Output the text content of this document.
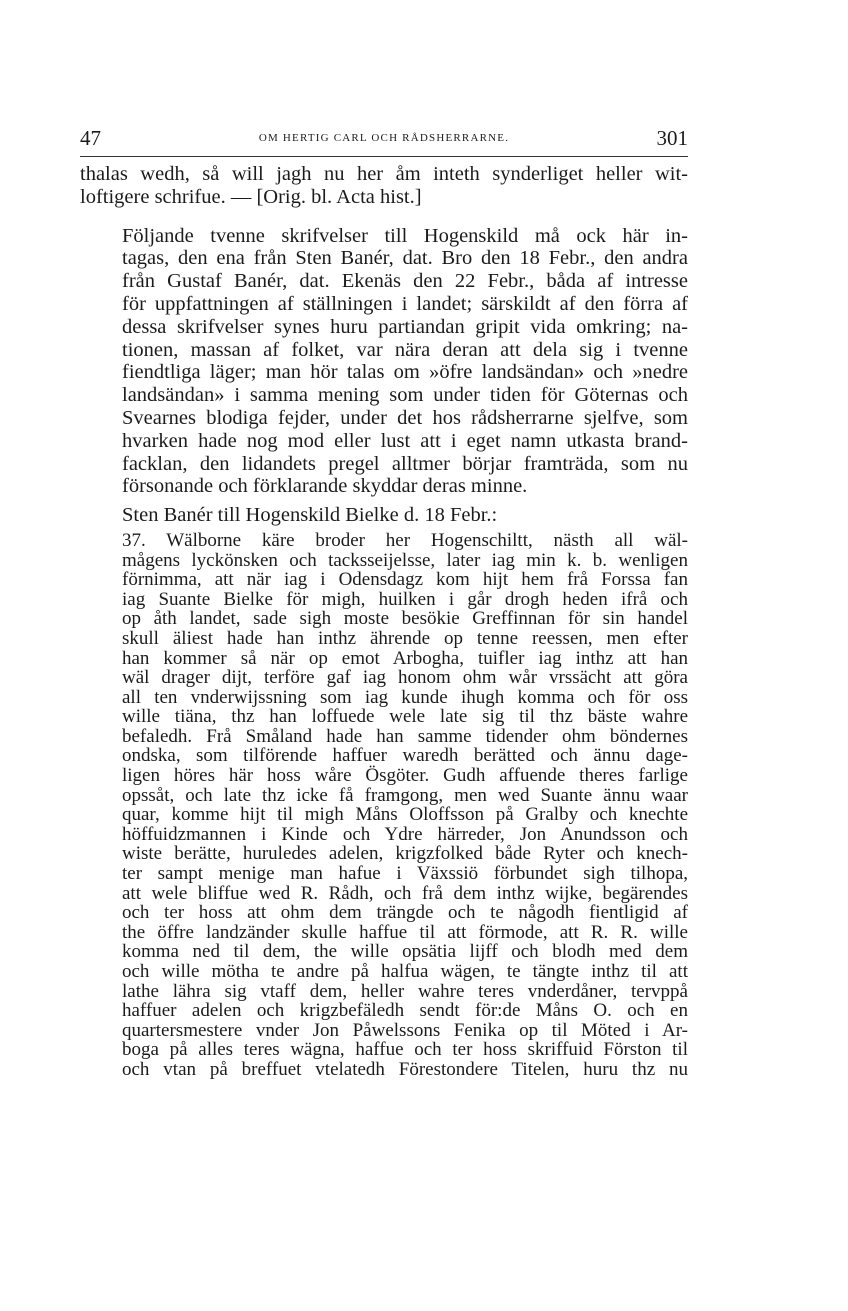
47	OM HERTIG CARL OCH RÅDSHERRARNE.	301

thalas wedh, så will jagh nu her åm inteth synderliget heller wit-
loftigere schrifue. — [Orig. bl. Acta hist.]

Följande tvenne skrifvelser till Hogenskild må ock här in-
tagas, den ena från Sten Banér, dat. Bro den 18 Febr., den andra
från Gustaf Banér, dat. Ekenäs den 22 Febr., båda af intresse
för uppfattningen af ställningen i landet; särskildt af den förra af
dessa skrifvelser synes huru partiandan gripit vida omkring; na-
tionen, massan af folket, var nära deran att dela sig i tvenne
fiendtliga läger; man hör talas om »öfre landsändan» och »nedre
landsändan» i samma mening som under tiden för Göternas och
Svearnes blodiga fejder, under det hos rådsherrarne sjelfve, som
hvarken hade nog mod eller lust att i eget namn utkasta brand-
facklan, den lidandets pregel alltmer börjar framträda, som nu
försonande och förklarande skyddar deras minne.

Sten Banér till Hogenskild Bielke d. 18 Febr.:

37. Wälborne käre broder her Hogenschiltt, nästh all wäl-
mågens lyckönsken och tacksseijelsse, later iag min k. b. wenligen
förnimma, att när iag i Odensdagz kom hijt hem frå Forssa fan
iag Suante Bielke för migh, huilken i går drogh heden ifrå och
op åth landet, sade sigh moste besökie Greffinnan för sin handel
skull äliest hade han inthz ährende op tenne reessen, men efter
han kommer så när op emot Arbogha, tuifler iag inthz att han
wäl drager dijt, terföre gaf iag honom ohm wår vrssächt att göra
all ten vnderwijssning som iag kunde ihugh komma och för oss
wille tiäna, thz han loffuede wele late sig til thz bäste wahre
befaledh. Frå Småland hade han samme tidender ohm böndernes
ondska, som tilförende haffuer waredh berätted och ännu dage-
ligen höres här hoss wåre Ösgöter. Gudh affuende theres farlige
opssåt, och late thz icke få framgong, men wed Suante ännu waar
quar, komme hijt til migh Måns Oloffsson på Gralby och knechte
höffuidzmannen i Kinde och Ydre härreder, Jon Anundsson och
wiste berätte, huruledes adelen, krigzfolked både Ryter och knech-
ter sampt menige man hafue i Växssiö förbundet sigh tilhopa,
att wele bliffue wed R. Rådh, och frå dem inthz wijke, begärendes
och ter hoss att ohm dem trängde och te någodh fientligid af
the öffre landzänder skulle haffue til att förmode, att R. R. wille
komma ned til dem, the wille opsätia lijff och blodh med dem
och wille mötha te andre på halfua wägen, te tängte inthz til att
lathe lähra sig vtaff dem, heller wahre teres vnderdåner, tervppå
haffuer adelen och krigzbefäledh sendt för:de Måns O. och en
quartersmestere vnder Jon Påwelssons Fenika op til Möted i Ar-
boga på alles teres wägna, haffue och ter hoss skriffuid Förston til
och vtan på breffuet vtelatedh Förestondere Titelen, huru thz nu
